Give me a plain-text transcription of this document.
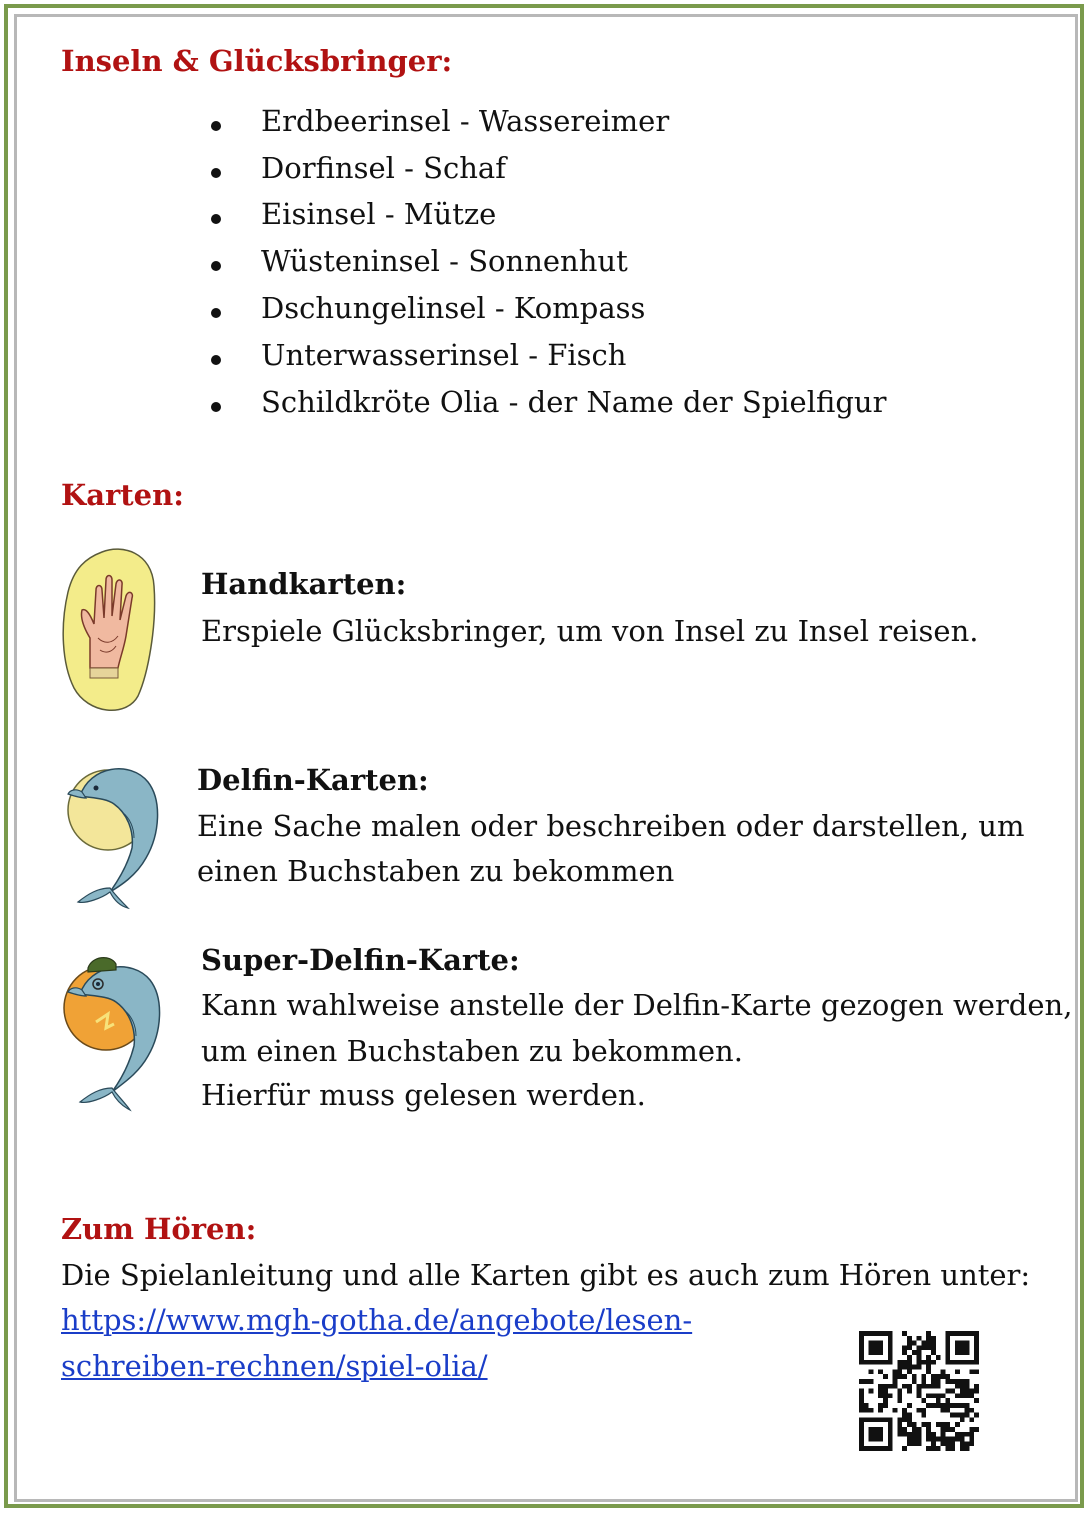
Inseln & Glücksbringer:
Erdbeerinsel - Wassereimer
Dorfinsel - Schaf
Eisinsel - Mütze
Wüsteninsel - Sonnenhut
Dschungelinsel - Kompass
Unterwasserinsel - Fisch
Schildkröte Olia - der Name der Spielfigur
Karten:
Handkarten:

Erspiele Glücksbringer, um von Insel zu Insel reisen.

Delfin-Karten:

Eine Sache malen oder beschreiben oder darstellen, um

einen Buchstaben zu bekommen

Super-Delfin-Karte:

Kann wahlweise anstelle der Delfin-Karte gezogen werden,

um einen Buchstaben zu bekommen.

Hierfür muss gelesen werden.

Zum Hören:

Die Spielanleitung und alle Karten gibt es auch zum Hören unter:

https://www.mgh-gotha.de/angebote/lesen-

schreiben-rechnen/spiel-olia/
